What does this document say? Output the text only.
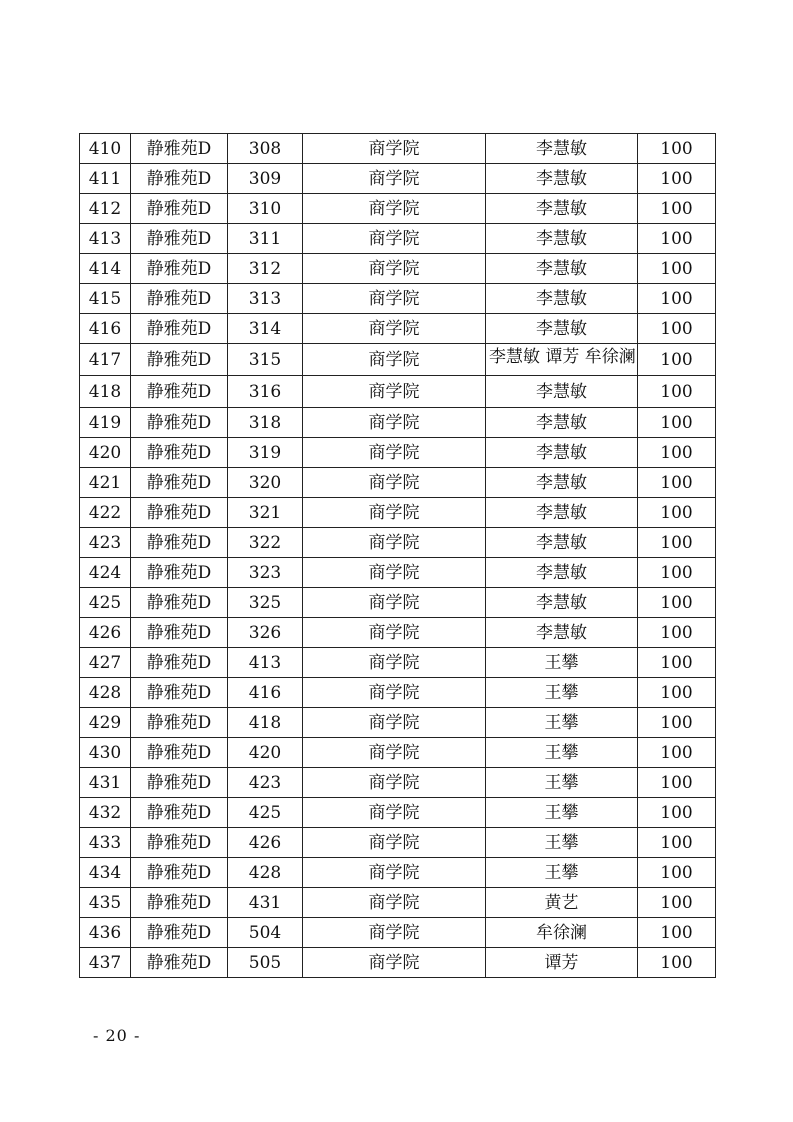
410	静雅苑D	308	商学院	李慧敏	100
411	静雅苑D	309	商学院	李慧敏	100
412	静雅苑D	310	商学院	李慧敏	100
413	静雅苑D	311	商学院	李慧敏	100
414	静雅苑D	312	商学院	李慧敏	100
415	静雅苑D	313	商学院	李慧敏	100
416	静雅苑D	314	商学院	李慧敏	100
417	静雅苑D	315	商学院	李慧敏 谭芳 牟徐澜	100
418	静雅苑D	316	商学院	李慧敏	100
419	静雅苑D	318	商学院	李慧敏	100
420	静雅苑D	319	商学院	李慧敏	100
421	静雅苑D	320	商学院	李慧敏	100
422	静雅苑D	321	商学院	李慧敏	100
423	静雅苑D	322	商学院	李慧敏	100
424	静雅苑D	323	商学院	李慧敏	100
425	静雅苑D	325	商学院	李慧敏	100
426	静雅苑D	326	商学院	李慧敏	100
427	静雅苑D	413	商学院	王攀	100
428	静雅苑D	416	商学院	王攀	100
429	静雅苑D	418	商学院	王攀	100
430	静雅苑D	420	商学院	王攀	100
431	静雅苑D	423	商学院	王攀	100
432	静雅苑D	425	商学院	王攀	100
433	静雅苑D	426	商学院	王攀	100
434	静雅苑D	428	商学院	王攀	100
435	静雅苑D	431	商学院	黄艺	100
436	静雅苑D	504	商学院	牟徐澜	100
437	静雅苑D	505	商学院	谭芳	100
- 20 -
